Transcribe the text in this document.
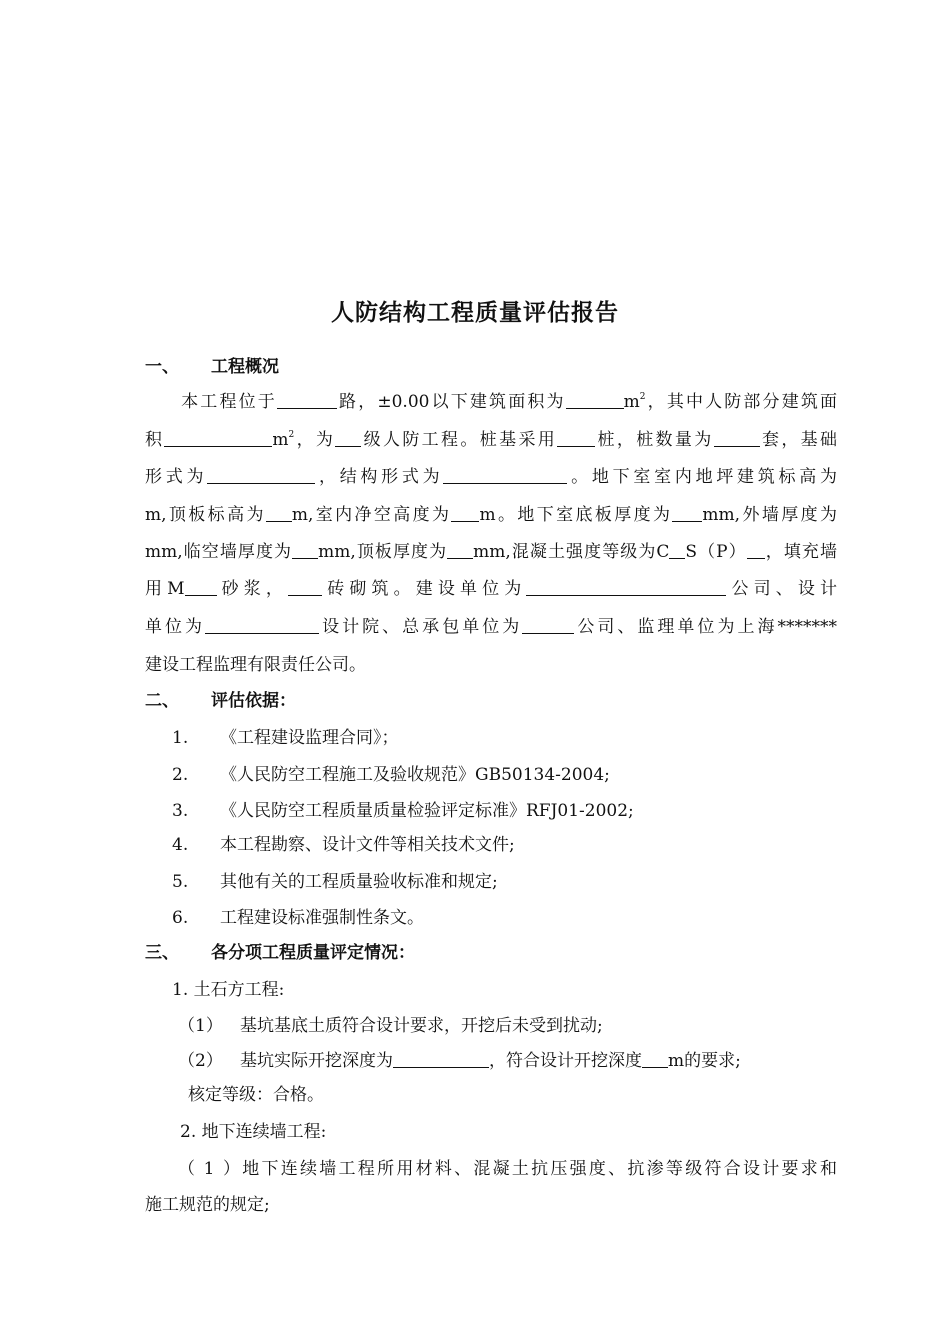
人防结构工程质量评估报告
一、 工程概况
本工程位于	路，±0.00以下建筑面积为	$m^2$，其中人防部分建筑面
积	$m^2$，为 级人防工程。桩基采用 桩，桩数量为	套，基础
形式为	，结构形式为	。地下室室内地坪建筑标高为
m,顶板标高为 m,室内净空高度为 m。地下室底板厚度为 mm,外墙厚度为
mm,临空墙厚度为 mm,顶板厚度为 mm,混凝土强度等级为C S（P） ，填充墙
用M 砂浆， 砖砌筑。建设单位为	公司、设计
单位为	设计院、总承包单位为	公司、监理单位为上海*******
建设工程监理有限责任公司。
二、 评估依据：
1. 《工程建设监理合同》；
2. 《人民防空工程施工及验收规范》GB50134-2004;
3. 《人民防空工程质量质量检验评定标准》RFJ01-2002;
4. 本工程勘察、设计文件等相关技术文件;
5. 其他有关的工程质量验收标准和规定;
6. 工程建设标准强制性条文。
三、 各分项工程质量评定情况：
1. 土石方工程:
（1） 基坑基底土质符合设计要求，开挖后未受到扰动;
（2） 基坑实际开挖深度为	，符合设计开挖深度 m的要求;
核定等级：合格。
2. 地下连续墙工程:
（1）地下连续墙工程所用材料、混凝土抗压强度、抗渗等级符合设计要求和
施工规范的规定;
